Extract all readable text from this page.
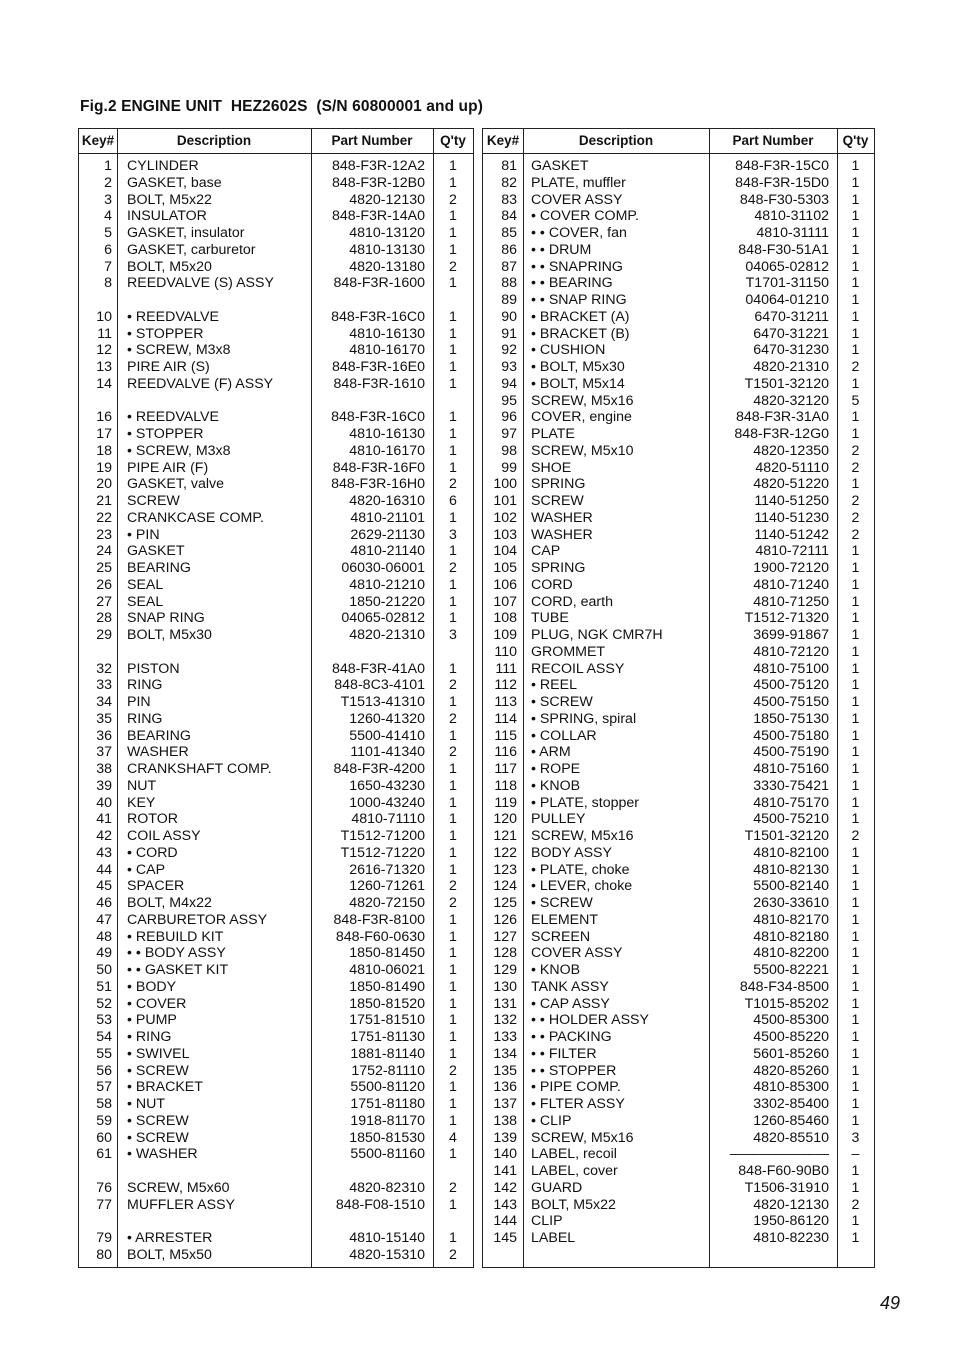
Fig.2 ENGINE UNIT  HEZ2602S  (S/N 60800001 and up)
Key#	Description	Part Number	Q'ty
1 CYLINDER	848-F3R-12A2	1
2 GASKET, base	848-F3R-12B0	1
3 BOLT, M5x22	4820-12130	2
4 INSULATOR	848-F3R-14A0	1
5 GASKET, insulator	4810-13120	1
6 GASKET, carburetor	4810-13130	1
7 BOLT, M5x20	4820-13180	2
8 REEDVALVE (S) ASSY	848-F3R-1600	1
10 • REEDVALVE	848-F3R-16C0	1
11 • STOPPER	4810-16130	1
12 • SCREW, M3x8	4810-16170	1
13 PIRE AIR (S)	848-F3R-16E0	1
14 REEDVALVE (F) ASSY	848-F3R-1610	1
16 • REEDVALVE	848-F3R-16C0	1
17 • STOPPER	4810-16130	1
18 • SCREW, M3x8	4810-16170	1
19 PIPE AIR (F)	848-F3R-16F0	1
20 GASKET, valve	848-F3R-16H0	2
21 SCREW	4820-16310	6
22 CRANKCASE COMP.	4810-21101	1
23 • PIN	2629-21130	3
24 GASKET	4810-21140	1
25 BEARING	06030-06001	2
26 SEAL	4810-21210	1
27 SEAL	1850-21220	1
28 SNAP RING	04065-02812	1
29 BOLT, M5x30	4820-21310	3
32 PISTON	848-F3R-41A0	1
33 RING	848-8C3-4101	2
34 PIN	T1513-41310	1
35 RING	1260-41320	2
36 BEARING	5500-41410	1
37 WASHER	1101-41340	2
38 CRANKSHAFT COMP.	848-F3R-4200	1
39 NUT	1650-43230	1
40 KEY	1000-43240	1
41 ROTOR	4810-71110	1
42 COIL ASSY	T1512-71200	1
43 • CORD	T1512-71220	1
44 • CAP	2616-71320	1
45 SPACER	1260-71261	2
46 BOLT, M4x22	4820-72150	2
47 CARBURETOR ASSY	848-F3R-8100	1
48 • REBUILD KIT	848-F60-0630	1
49 • • BODY ASSY	1850-81450	1
50 • • GASKET KIT	4810-06021	1
51 • BODY	1850-81490	1
52 • COVER	1850-81520	1
53 • PUMP	1751-81510	1
54 • RING	1751-81130	1
55 • SWIVEL	1881-81140	1
56 • SCREW	1752-81110	2
57 • BRACKET	5500-81120	1
58 • NUT	1751-81180	1
59 • SCREW	1918-81170	1
60 • SCREW	1850-81530	4
61 • WASHER	5500-81160	1
76 SCREW, M5x60	4820-82310	2
77 MUFFLER ASSY	848-F08-1510	1
79 • ARRESTER	4810-15140	1
80 BOLT, M5x50	4820-15310	2
Key#	Description	Part Number	Q'ty
81 GASKET	848-F3R-15C0	1
82 PLATE, muffler	848-F3R-15D0	1
83 COVER ASSY	848-F30-5303	1
84 • COVER COMP.	4810-31102	1
85 • • COVER, fan	4810-31111	1
86 • • DRUM	848-F30-51A1	1
87 • • SNAPRING	04065-02812	1
88 • • BEARING	T1701-31150	1
89 • • SNAP RING	04064-01210	1
90 • BRACKET (A)	6470-31211	1
91 • BRACKET (B)	6470-31221	1
92 • CUSHION	6470-31230	1
93 • BOLT, M5x30	4820-21310	2
94 • BOLT, M5x14	T1501-32120	1
95 SCREW, M5x16	4820-32120	5
96 COVER, engine	848-F3R-31A0	1
97 PLATE	848-F3R-12G0	1
98 SCREW, M5x10	4820-12350	2
99 SHOE	4820-51110	2
100 SPRING	4820-51220	1
101 SCREW	1140-51250	2
102 WASHER	1140-51230	2
103 WASHER	1140-51242	2
104 CAP	4810-72111	1
105 SPRING	1900-72120	1
106 CORD	4810-71240	1
107 CORD, earth	4810-71250	1
108 TUBE	T1512-71320	1
109 PLUG, NGK CMR7H	3699-91867	1
110 GROMMET	4810-72120	1
111 RECOIL ASSY	4810-75100	1
112 • REEL	4500-75120	1
113 • SCREW	4500-75150	1
114 • SPRING, spiral	1850-75130	1
115 • COLLAR	4500-75180	1
116 • ARM	4500-75190	1
117 • ROPE	4810-75160	1
118 • KNOB	3330-75421	1
119 • PLATE, stopper	4810-75170	1
120 PULLEY	4500-75210	1
121 SCREW, M5x16	T1501-32120	2
122 BODY ASSY	4810-82100	1
123 • PLATE, choke	4810-82130	1
124 • LEVER, choke	5500-82140	1
125 • SCREW	2630-33610	1
126 ELEMENT	4810-82170	1
127 SCREEN	4810-82180	1
128 COVER ASSY	4810-82200	1
129 • KNOB	5500-82221	1
130 TANK ASSY	848-F34-8500	1
131 • CAP ASSY	T1015-85202	1
132 • • HOLDER ASSY	4500-85300	1
133 • • PACKING	4500-85220	1
134 • • FILTER	5601-85260	1
135 • • STOPPER	4820-85260	1
136 • PIPE COMP.	4810-85300	1
137 • FLTER ASSY	3302-85400	1
138 • CLIP	1260-85460	1
139 SCREW, M5x16	4820-85510	3
140 LABEL, recoil	———————	–
141 LABEL, cover	848-F60-90B0	1
142 GUARD	T1506-31910	1
143 BOLT, M5x22	4820-12130	2
144 CLIP	1950-86120	1
145 LABEL	4810-82230	1
49
